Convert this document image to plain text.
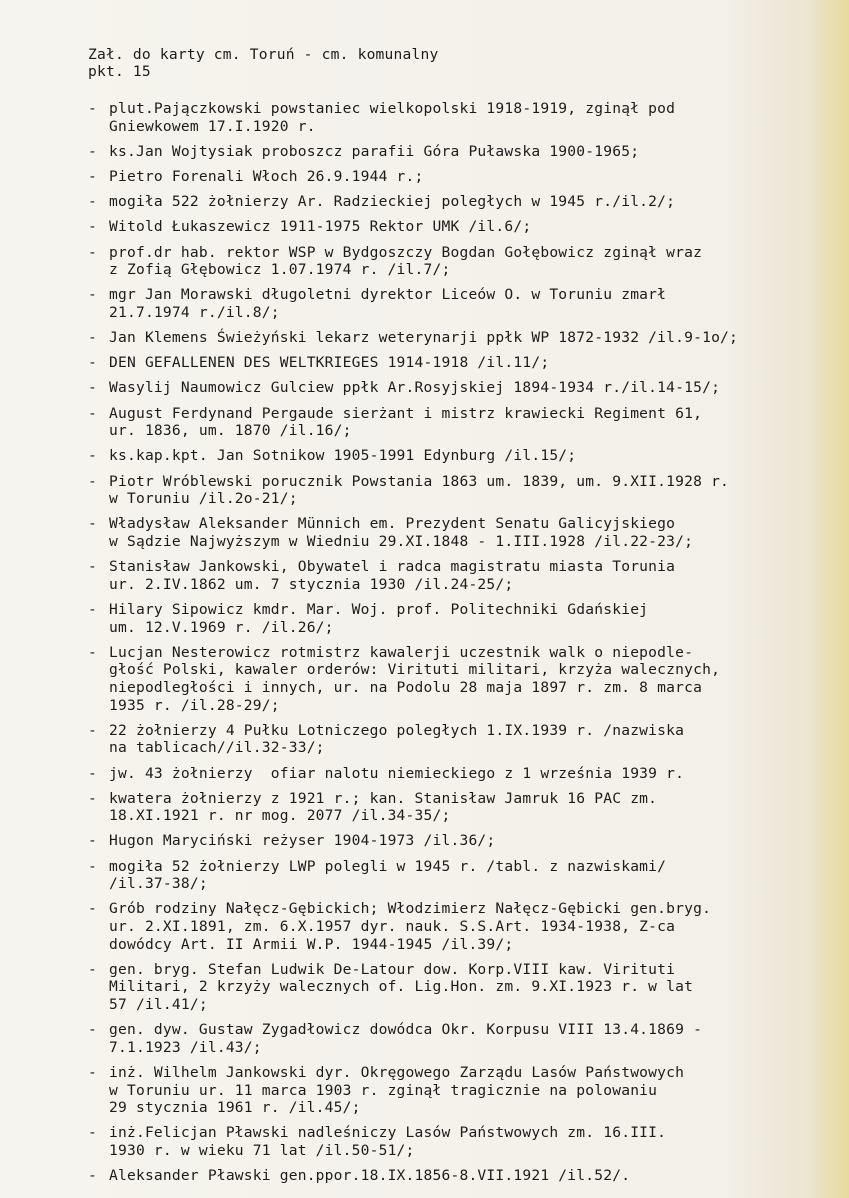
Zał. do karty cm. Toruń - cm. komunalny
pkt. 15
- plut.Pajączkowski powstaniec wielkopolski 1918-1919, zginął pod
Gniewkowem 17.I.1920 r.
- ks.Jan Wojtysiak proboszcz parafii Góra Puławska 1900-1965;
- Pietro Forenali Włoch 26.9.1944 r.;
- mogiła 522 żołnierzy Ar. Radzieckiej poległych w 1945 r./il.2/;
- Witold Łukaszewicz 1911-1975 Rektor UMK /il.6/;
- prof.dr hab. rektor WSP w Bydgoszczy Bogdan Gołębowicz zginął wraz
z Zofią Głębowicz 1.07.1974 r. /il.7/;
- mgr Jan Morawski długoletni dyrektor Liceów O. w Toruniu zmarł
21.7.1974 r./il.8/;
- Jan Klemens Świeżyński lekarz weterynarji ppłk WP 1872-1932 /il.9-1o/;
- DEN GEFALLENEN DES WELTKRIEGES 1914-1918 /il.11/;
- Wasylij Naumowicz Gulciew ppłk Ar.Rosyjskiej 1894-1934 r./il.14-15/;
- August Ferdynand Pergaude sierżant i mistrz krawiecki Regiment 61,
ur. 1836, um. 1870 /il.16/;
- ks.kap.kpt. Jan Sotnikow 1905-1991 Edynburg /il.15/;
- Piotr Wróblewski porucznik Powstania 1863 um. 1839, um. 9.XII.1928 r.
w Toruniu /il.2o-21/;
- Władysław Aleksander Münnich em. Prezydent Senatu Galicyjskiego
w Sądzie Najwyższym w Wiedniu 29.XI.1848 - 1.III.1928 /il.22-23/;
- Stanisław Jankowski, Obywatel i radca magistratu miasta Torunia
ur. 2.IV.1862 um. 7 stycznia 1930 /il.24-25/;
- Hilary Sipowicz kmdr. Mar. Woj. prof. Politechniki Gdańskiej
um. 12.V.1969 r. /il.26/;
- Lucjan Nesterowicz rotmistrz kawalerji uczestnik walk o niepodle-
głość Polski, kawaler orderów: Virituti militari, krzyża walecznych,
niepodległości i innych, ur. na Podolu 28 maja 1897 r. zm. 8 marca
1935 r. /il.28-29/;
- 22 żołnierzy 4 Pułku Lotniczego poległych 1.IX.1939 r. /nazwiska
na tablicach//il.32-33/;
- jw. 43 żołnierzy  ofiar nalotu niemieckiego z 1 września 1939 r.
- kwatera żołnierzy z 1921 r.; kan. Stanisław Jamruk 16 PAC zm.
18.XI.1921 r. nr mog. 2077 /il.34-35/;
- Hugon Maryciński reżyser 1904-1973 /il.36/;
- mogiła 52 żołnierzy LWP polegli w 1945 r. /tabl. z nazwiskami/
/il.37-38/;
- Grób rodziny Nałęcz-Gębickich; Włodzimierz Nałęcz-Gębicki gen.bryg.
ur. 2.XI.1891, zm. 6.X.1957 dyr. nauk. S.S.Art. 1934-1938, Z-ca
dowódcy Art. II Armii W.P. 1944-1945 /il.39/;
- gen. bryg. Stefan Ludwik De-Latour dow. Korp.VIII kaw. Virituti
Militari, 2 krzyży walecznych of. Lig.Hon. zm. 9.XI.1923 r. w lat
57 /il.41/;
- gen. dyw. Gustaw Zygadłowicz dowódca Okr. Korpusu VIII 13.4.1869 -
7.1.1923 /il.43/;
- inż. Wilhelm Jankowski dyr. Okręgowego Zarządu Lasów Państwowych
w Toruniu ur. 11 marca 1903 r. zginął tragicznie na polowaniu
29 stycznia 1961 r. /il.45/;
- inż.Felicjan Pławski nadleśniczy Lasów Państwowych zm. 16.III.
1930 r. w wieku 71 lat /il.50-51/;
- Aleksander Pławski gen.ppor.18.IX.1856-8.VII.1921 /il.52/.
